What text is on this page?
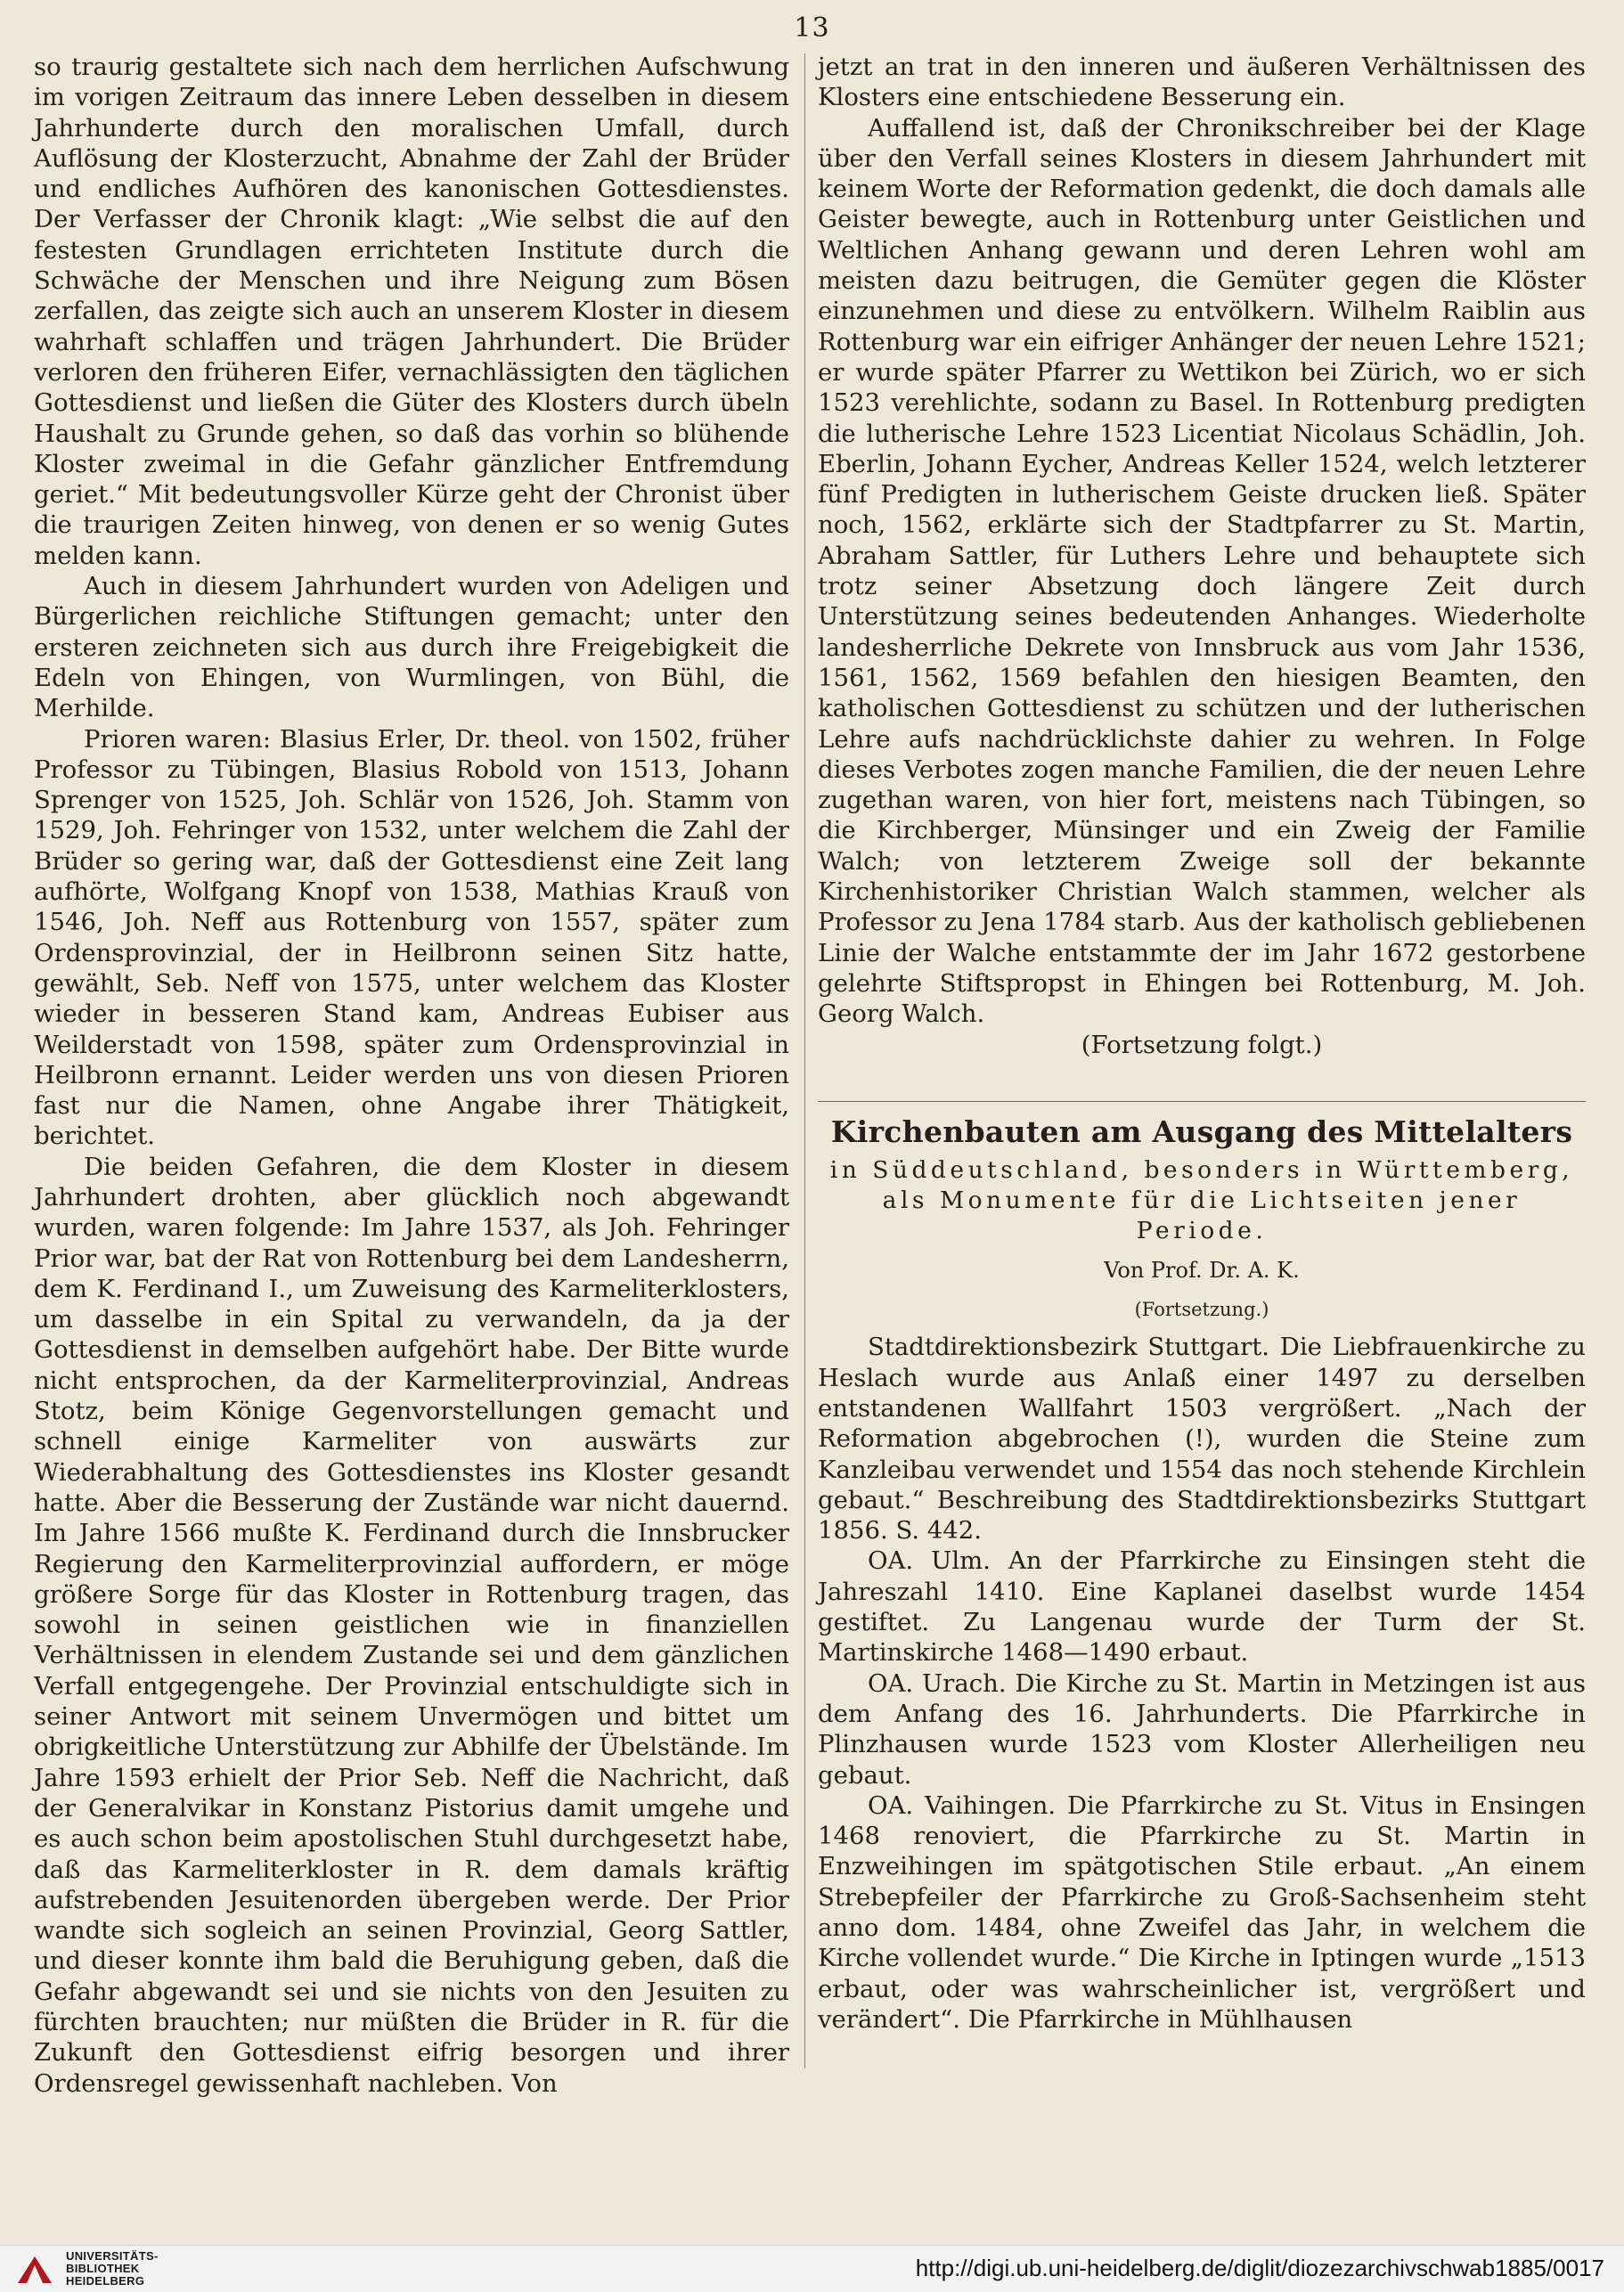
13

so traurig gestaltete sich nach dem herrlichen Aufschwung im vorigen Zeitraum das innere Leben desselben in diesem Jahrhunderte durch den moralischen Umfall, durch Auflösung der Klosterzucht, Abnahme der Zahl der Brüder und endliches Aufhören des kanonischen Gottesdienstes. Der Verfasser der Chronik klagt: „Wie selbst die auf den festesten Grundlagen errichteten Institute durch die Schwäche der Menschen und ihre Neigung zum Bösen zerfallen, das zeigte sich auch an unserem Kloster in diesem wahrhaft schlaffen und trägen Jahrhundert. Die Brüder verloren den früheren Eifer, vernachlässigten den täglichen Gottesdienst und ließen die Güter des Klosters durch übeln Haushalt zu Grunde gehen, so daß das vorhin so blühende Kloster zweimal in die Gefahr gänzlicher Entfremdung geriet.“ Mit bedeutungsvoller Kürze geht der Chronist über die traurigen Zeiten hinweg, von denen er so wenig Gutes melden kann.

Auch in diesem Jahrhundert wurden von Adeligen und Bürgerlichen reichliche Stiftungen gemacht; unter den ersteren zeichneten sich aus durch ihre Freigebigkeit die Edeln von Ehingen, von Wurmlingen, von Bühl, die Merhilde.

Prioren waren: Blasius Erler, Dr. theol. von 1502, früher Professor zu Tübingen, Blasius Robold von 1513, Johann Sprenger von 1525, Joh. Schlär von 1526, Joh. Stamm von 1529, Joh. Fehringer von 1532, unter welchem die Zahl der Brüder so gering war, daß der Gottesdienst eine Zeit lang aufhörte, Wolfgang Knopf von 1538, Mathias Krauß von 1546, Joh. Neff aus Rottenburg von 1557, später zum Ordensprovinzial, der in Heilbronn seinen Sitz hatte, gewählt, Seb. Neff von 1575, unter welchem das Kloster wieder in besseren Stand kam, Andreas Eubiser aus Weilderstadt von 1598, später zum Ordensprovinzial in Heilbronn ernannt. Leider werden uns von diesen Prioren fast nur die Namen, ohne Angabe ihrer Thätigkeit, berichtet.

Die beiden Gefahren, die dem Kloster in diesem Jahrhundert drohten, aber glücklich noch abgewandt wurden, waren folgende: Im Jahre 1537, als Joh. Fehringer Prior war, bat der Rat von Rottenburg bei dem Landesherrn, dem K. Ferdinand I., um Zuweisung des Karmeliterklosters, um dasselbe in ein Spital zu verwandeln, da ja der Gottesdienst in demselben aufgehört habe. Der Bitte wurde nicht entsprochen, da der Karmeliterprovinzial, Andreas Stotz, beim Könige Gegenvorstellungen gemacht und schnell einige Karmeliter von auswärts zur Wiederabhaltung des Gottesdienstes ins Kloster gesandt hatte. Aber die Besserung der Zustände war nicht dauernd. Im Jahre 1566 mußte K. Ferdinand durch die Innsbrucker Regierung den Karmeliterprovinzial auffordern, er möge größere Sorge für das Kloster in Rottenburg tragen, das sowohl in seinen geistlichen wie in finanziellen Verhältnissen in elendem Zustande sei und dem gänzlichen Verfall entgegengehe. Der Provinzial entschuldigte sich in seiner Antwort mit seinem Unvermögen und bittet um obrigkeitliche Unterstützung zur Abhilfe der Übelstände. Im Jahre 1593 erhielt der Prior Seb. Neff die Nachricht, daß der Generalvikar in Konstanz Pistorius damit umgehe und es auch schon beim apostolischen Stuhl durchgesetzt habe, daß das Karmeliterkloster in R. dem damals kräftig aufstrebenden Jesuitenorden übergeben werde. Der Prior wandte sich sogleich an seinen Provinzial, Georg Sattler, und dieser konnte ihm bald die Beruhigung geben, daß die Gefahr abgewandt sei und sie nichts von den Jesuiten zu fürchten brauchten; nur müßten die Brüder in R. für die Zukunft den Gottesdienst eifrig besorgen und ihrer Ordensregel gewissenhaft nachleben. Von

jetzt an trat in den inneren und äußeren Verhältnissen des Klosters eine entschiedene Besserung ein.

Auffallend ist, daß der Chronikschreiber bei der Klage über den Verfall seines Klosters in diesem Jahrhundert mit keinem Worte der Reformation gedenkt, die doch damals alle Geister bewegte, auch in Rottenburg unter Geistlichen und Weltlichen Anhang gewann und deren Lehren wohl am meisten dazu beitrugen, die Gemüter gegen die Klöster einzunehmen und diese zu entvölkern. Wilhelm Raiblin aus Rottenburg war ein eifriger Anhänger der neuen Lehre 1521; er wurde später Pfarrer zu Wettikon bei Zürich, wo er sich 1523 verehlichte, sodann zu Basel. In Rottenburg predigten die lutherische Lehre 1523 Licentiat Nicolaus Schädlin, Joh. Eberlin, Johann Eycher, Andreas Keller 1524, welch letzterer fünf Predigten in lutherischem Geiste drucken ließ. Später noch, 1562, erklärte sich der Stadtpfarrer zu St. Martin, Abraham Sattler, für Luthers Lehre und behauptete sich trotz seiner Absetzung doch längere Zeit durch Unterstützung seines bedeutenden Anhanges. Wiederholte landesherrliche Dekrete von Innsbruck aus vom Jahr 1536, 1561, 1562, 1569 befahlen den hiesigen Beamten, den katholischen Gottesdienst zu schützen und der lutherischen Lehre aufs nachdrücklichste dahier zu wehren. In Folge dieses Verbotes zogen manche Familien, die der neuen Lehre zugethan waren, von hier fort, meistens nach Tübingen, so die Kirchberger, Münsinger und ein Zweig der Familie Walch; von letzterem Zweige soll der bekannte Kirchenhistoriker Christian Walch stammen, welcher als Professor zu Jena 1784 starb. Aus der katholisch gebliebenen Linie der Walche entstammte der im Jahr 1672 gestorbene gelehrte Stiftspropst in Ehingen bei Rottenburg, M. Joh. Georg Walch.

(Fortsetzung folgt.)

Kirchenbauten am Ausgang des Mittelalters
in Süddeutschland, besonders in Württemberg, als Monumente für die Lichtseiten jener Periode.
Von Prof. Dr. A. K.
(Fortsetzung.)

Stadtdirektionsbezirk Stuttgart. Die Liebfrauenkirche zu Heslach wurde aus Anlaß einer 1497 zu derselben entstandenen Wallfahrt 1503 vergrößert. „Nach der Reformation abgebrochen (!), wurden die Steine zum Kanzleibau verwendet und 1554 das noch stehende Kirchlein gebaut.“ Beschreibung des Stadtdirektionsbezirks Stuttgart 1856. S. 442.

OA. Ulm. An der Pfarrkirche zu Einsingen steht die Jahreszahl 1410. Eine Kaplanei daselbst wurde 1454 gestiftet. Zu Langenau wurde der Turm der St. Martinskirche 1468—1490 erbaut.

OA. Urach. Die Kirche zu St. Martin in Metzingen ist aus dem Anfang des 16. Jahrhunderts. Die Pfarrkirche in Plinzhausen wurde 1523 vom Kloster Allerheiligen neu gebaut.

OA. Vaihingen. Die Pfarrkirche zu St. Vitus in Ensingen 1468 renoviert, die Pfarrkirche zu St. Martin in Enzweihingen im spätgotischen Stile erbaut. „An einem Strebepfeiler der Pfarrkirche zu Groß-Sachsenheim steht anno dom. 1484, ohne Zweifel das Jahr, in welchem die Kirche vollendet wurde.“ Die Kirche in Iptingen wurde „1513 erbaut, oder was wahrscheinlicher ist, vergrößert und verändert“. Die Pfarrkirche in Mühlhausen

UNIVERSITÄTS-
BIBLIOTHEK
HEIDELBERG	http://digi.ub.uni-heidelberg.de/diglit/diozezarchivschwab1885/0017
